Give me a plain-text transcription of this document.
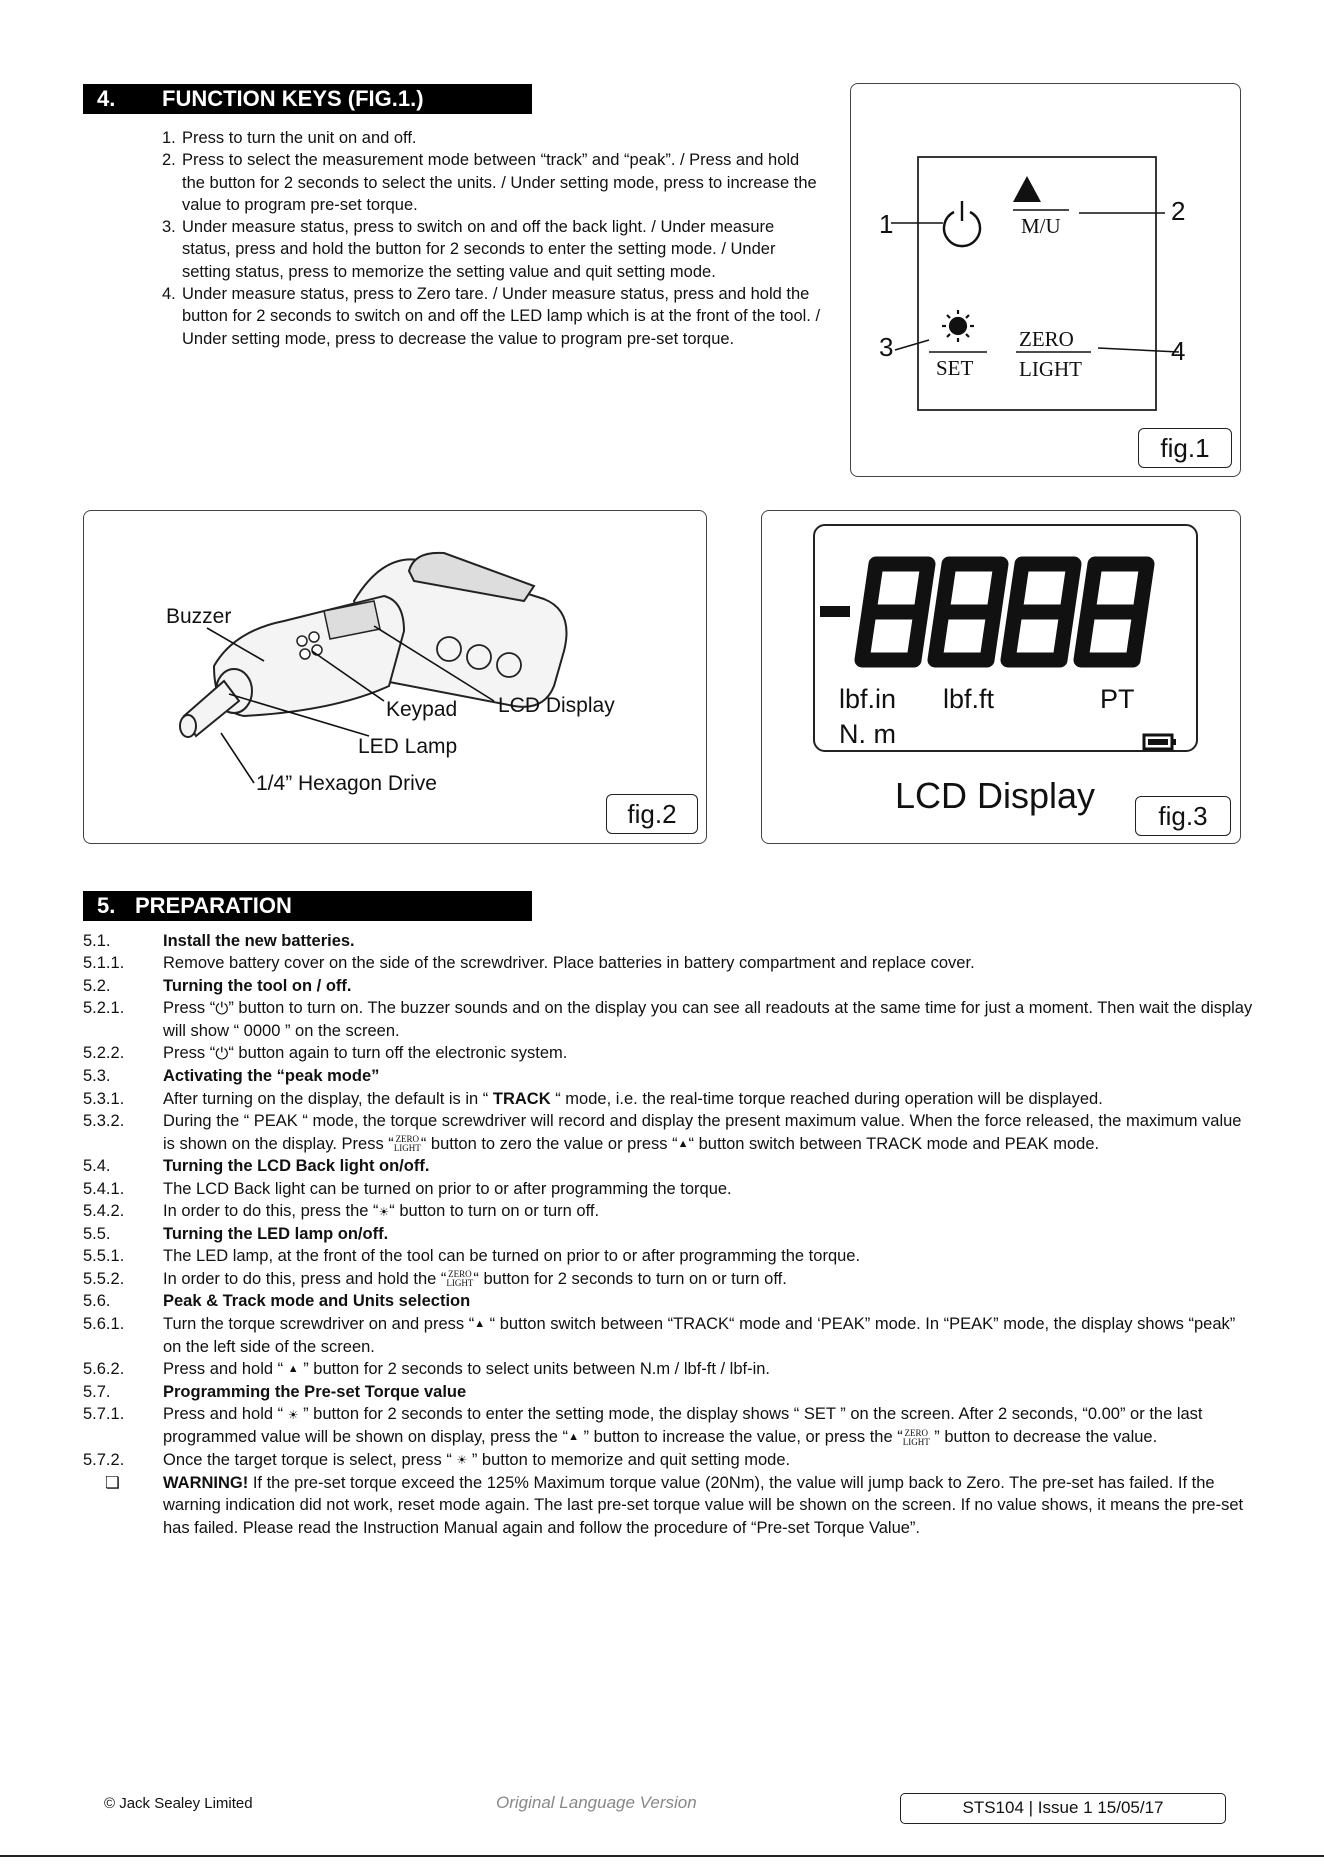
4. FUNCTION KEYS (FIG.1.)
1. Press to turn the unit on and off.
2. Press to select the measurement mode between “track” and “peak”. / Press and hold the button for 2 seconds to select the units. / Under setting mode, press to increase the value to program pre-set torque.
3. Under measure status, press to switch on and off the back light. / Under measure status, press and hold the button for 2 seconds to enter the setting mode. / Under setting status, press to memorize the setting value and quit setting mode.
4. Under measure status, press to Zero tare. / Under measure status, press and hold the button for 2 seconds to switch on and off the LED lamp which is at the front of the tool. / Under setting mode, press to decrease the value to program pre-set torque.
1	2
3	4
M/U
SET
ZERO
LIGHT
fig.1
Buzzer
Keypad LCD Display
LED Lamp
1/4” Hexagon Drive
fig.2
lbf.in lbf.ft	PT
N. m
LCD Display	fig.3
5. PREPARATION
5.1.	Install the new batteries.
5.1.1.	Remove battery cover on the side of the screwdriver. Place batteries in battery compartment and replace cover.
5.2.	Turning the tool on / off.
5.2.1.	Press “⏻” button to turn on. The buzzer sounds and on the display you can see all readouts at the same time for just a moment. Then wait the display will show “ 0000 ” on the screen.
5.2.2.	Press “⏻“ button again to turn off the electronic system.
5.3.	Activating the “peak mode”
5.3.1.	After turning on the display, the default is in “ TRACK “ mode, i.e. the real-time torque reached during operation will be displayed.
5.3.2.	During the “ PEAK “ mode, the torque screwdriver will record and display the present maximum value. When the force released, the maximum value is shown on the display. Press “ ZERO
LIGHT“ button to zero the value or press “▲“ button switch between TRACK mode and PEAK mode.
5.4.	Turning the LCD Back light on/off.
5.4.1.	The LCD Back light can be turned on prior to or after programming the torque.
5.4.2.	In order to do this, press the “☀“ button to turn on or turn off.
5.5.	Turning the LED lamp on/off.
5.5.1.	The LED lamp, at the front of the tool can be turned on prior to or after programming the torque.
5.5.2.	In order to do this, press and hold the “ ZERO
LIGHT“ button for 2 seconds to turn on or turn off.
5.6.	Peak & Track mode and Units selection
5.6.1.	Turn the torque screwdriver on and press “▲ “ button switch between “TRACK“ mode and ‘PEAK” mode. In “PEAK” mode, the display shows “peak” on the left side of the screen.
5.6.2.	Press and hold “ ▲ ” button for 2 seconds to select units between N.m / lbf-ft / lbf-in.
5.7.	Programming the Pre-set Torque value
5.7.1.	Press and hold “ ☀ ” button for 2 seconds to enter the setting mode, the display shows “ SET ” on the screen. After 2 seconds, “0.00” or the last programmed value will be shown on display, press the “▲ ” button to increase the value, or press the “ ZERO
LIGHT ” button to decrease the value.
5.7.2.	Once the target torque is select, press “ ☀ ” button to memorize and quit setting mode.
❏	WARNING! If the pre-set torque exceed the 125% Maximum torque value (20Nm), the value will jump back to Zero. The pre-set has failed. If the warning indication did not work, reset mode again. The last pre-set torque value will be shown on the screen. If no value shows, it means the pre-set has failed. Please read the Instruction Manual again and follow the procedure of “Pre-set Torque Value”.
© Jack Sealey Limited	Original Language Version	STS104 | Issue 1 15/05/17
